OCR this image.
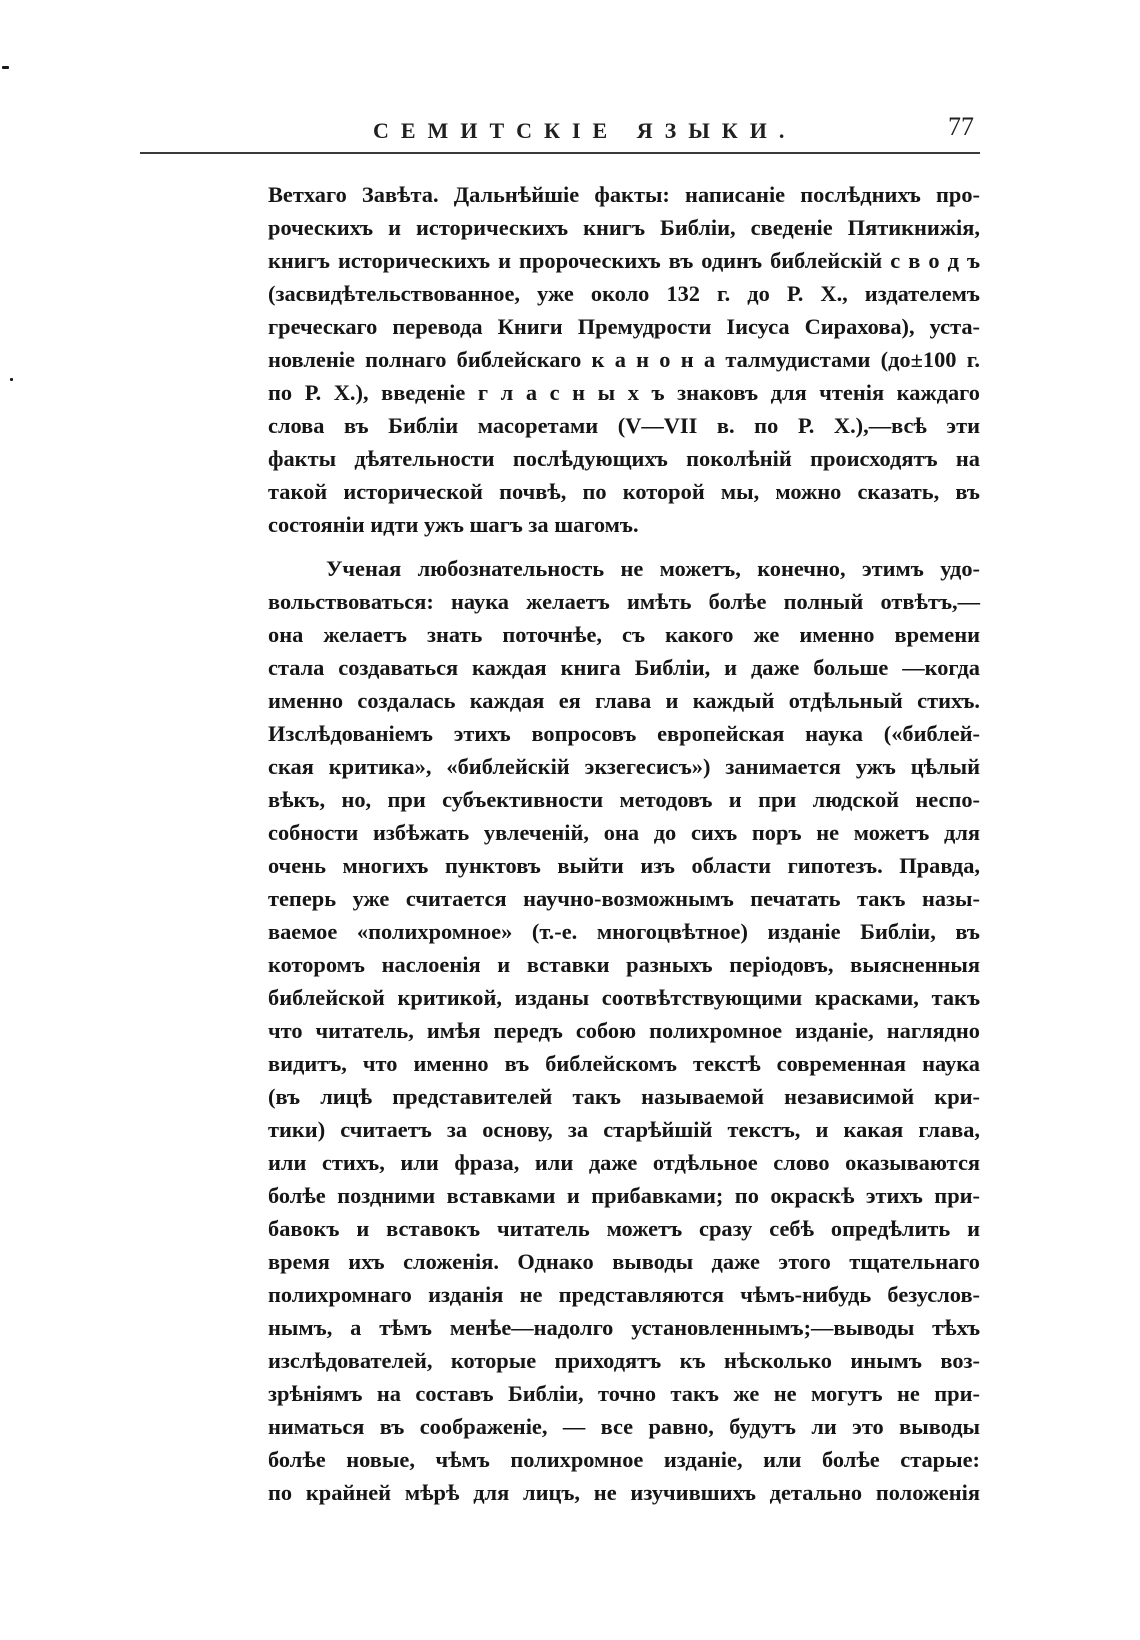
СЕМИТСКІЕ ЯЗЫКИ.	77
Ветхаго Завѣта. Дальнѣйшіе факты: написаніе послѣднихъ про-
роческихъ и историческихъ книгъ Библіи, сведеніе Пятикнижія,
книгъ историческихъ и пророческихъ въ одинъ библейскій с в о д ъ
(засвидѣтельствованное, уже около 132 г. до Р. Х., издателемъ
греческаго перевода Книги Премудрости Іисуса Сирахова), уста-
новленіе полнаго библейскаго к а н о н а талмудистами (до±100 г.
по Р. Х.), введеніе г л а с н ы х ъ знаковъ для чтенія каждаго
слова въ Библіи масоретами (V—VII в. по Р. Х.),—всѣ эти
факты дѣятельности послѣдующихъ поколѣній происходятъ на
такой исторической почвѣ, по которой мы, можно сказать, въ
состояніи идти ужъ шагъ за шагомъ.
Ученая любознательность не можетъ, конечно, этимъ удо-
вольствоваться: наука желаетъ имѣть болѣе полный отвѣтъ,—
она желаетъ знать поточнѣе, съ какого же именно времени
стала создаваться каждая книга Библіи, и даже больше —когда
именно создалась каждая ея глава и каждый отдѣльный стихъ.
Изслѣдованіемъ этихъ вопросовъ европейская наука («библей-
ская критика», «библейскій экзегесисъ») занимается ужъ цѣлый
вѣкъ, но, при субъективности методовъ и при людской неспо-
собности избѣжать увлеченій, она до сихъ поръ не можетъ для
очень многихъ пунктовъ выйти изъ области гипотезъ. Правда,
теперь уже считается научно-возможнымъ печатать такъ назы-
ваемое «полихромное» (т.-е. многоцвѣтное) изданіе Библіи, въ
которомъ наслоенія и вставки разныхъ періодовъ, выясненныя
библейской критикой, изданы соотвѣтствующими красками, такъ
что читатель, имѣя передъ собою полихромное изданіе, наглядно
видитъ, что именно въ библейскомъ текстѣ современная наука
(въ лицѣ представителей такъ называемой независимой кри-
тики) считаетъ за основу, за старѣйшій текстъ, и какая глава,
или стихъ, или фраза, или даже отдѣльное слово оказываются
болѣе поздними вставками и прибавками; по окраскѣ этихъ при-
бавокъ и вставокъ читатель можетъ сразу себѣ опредѣлить и
время ихъ сложенія. Однако выводы даже этого тщательнаго
полихромнаго изданія не представляются чѣмъ-нибудь безуслов-
нымъ, а тѣмъ менѣе—надолго установленнымъ;—выводы тѣхъ
изслѣдователей, которые приходятъ къ нѣсколько инымъ воз-
зрѣніямъ на составъ Библіи, точно такъ же не могутъ не при-
ниматься въ соображеніе, — все равно, будутъ ли это выводы
болѣе новые, чѣмъ полихромное изданіе, или болѣе старые:
по крайней мѣрѣ для лицъ, не изучившихъ детально положенія
